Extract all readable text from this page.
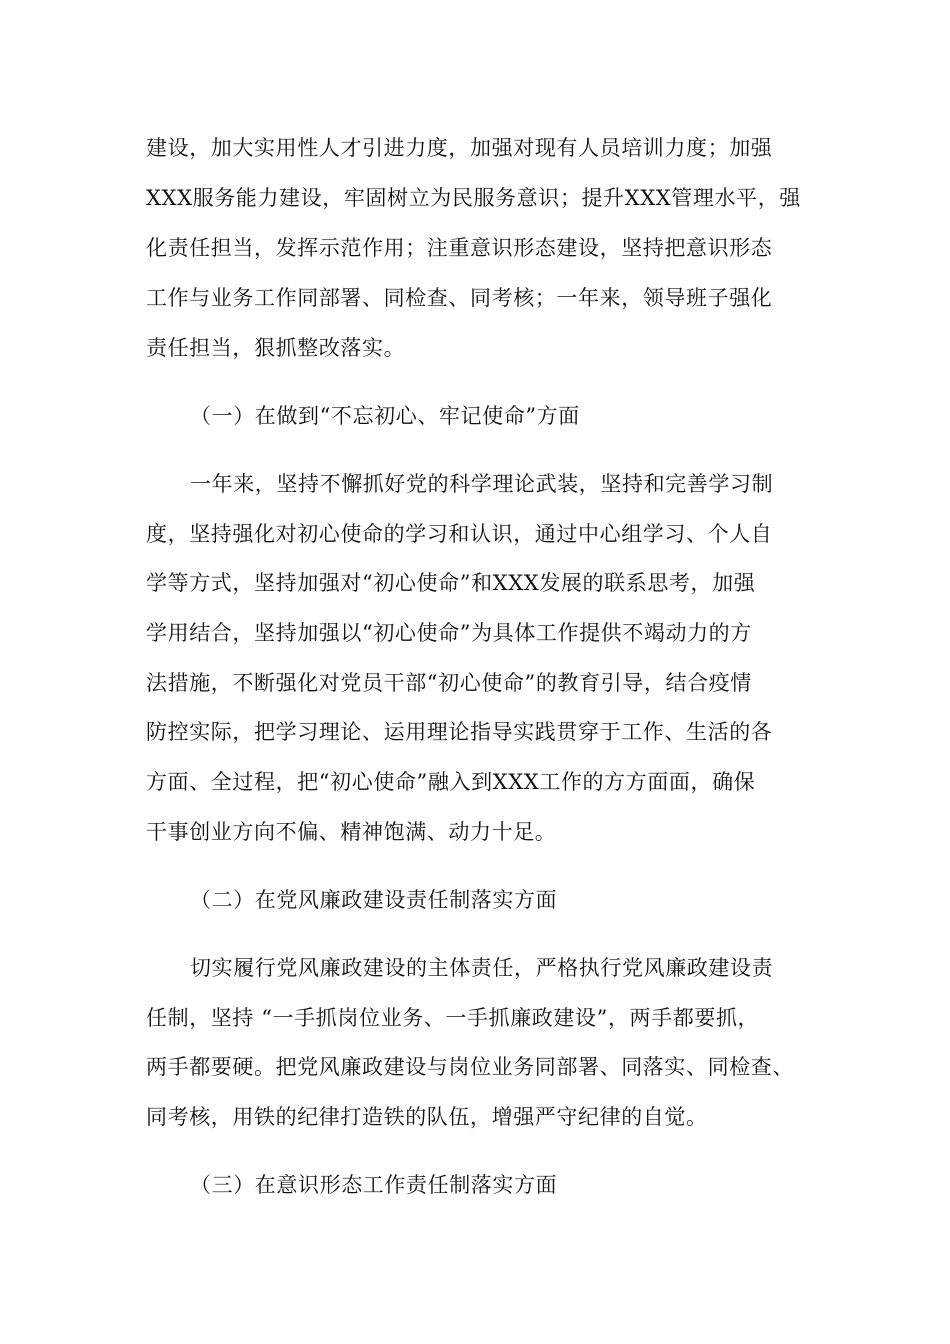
建设，加大实用性人才引进力度，加强对现有人员培训力度；加强
XXX服务能力建设，牢固树立为民服务意识；提升XXX管理水平，强
化责任担当，发挥示范作用；注重意识形态建设，坚持把意识形态
工作与业务工作同部署、同检查、同考核；一年来，领导班子强化
责任担当，狠抓整改落实。
（一）在做到“不忘初心、牢记使命”方面
一年来，坚持不懈抓好党的科学理论武装，坚持和完善学习制
度，坚持强化对初心使命的学习和认识，通过中心组学习、个人自
学等方式，坚持加强对“初心使命”和XXX发展的联系思考，加强
学用结合，坚持加强以“初心使命”为具体工作提供不竭动力的方
法措施，不断强化对党员干部“初心使命”的教育引导，结合疫情
防控实际，把学习理论、运用理论指导实践贯穿于工作、生活的各
方面、全过程，把“初心使命”融入到XXX工作的方方面面，确保
干事创业方向不偏、精神饱满、动力十足。
（二）在党风廉政建设责任制落实方面
切实履行党风廉政建设的主体责任，严格执行党风廉政建设责
任制，坚持 “一手抓岗位业务、一手抓廉政建设”，两手都要抓，
两手都要硬。把党风廉政建设与岗位业务同部署、同落实、同检查、
同考核，用铁的纪律打造铁的队伍，增强严守纪律的自觉。
（三）在意识形态工作责任制落实方面
